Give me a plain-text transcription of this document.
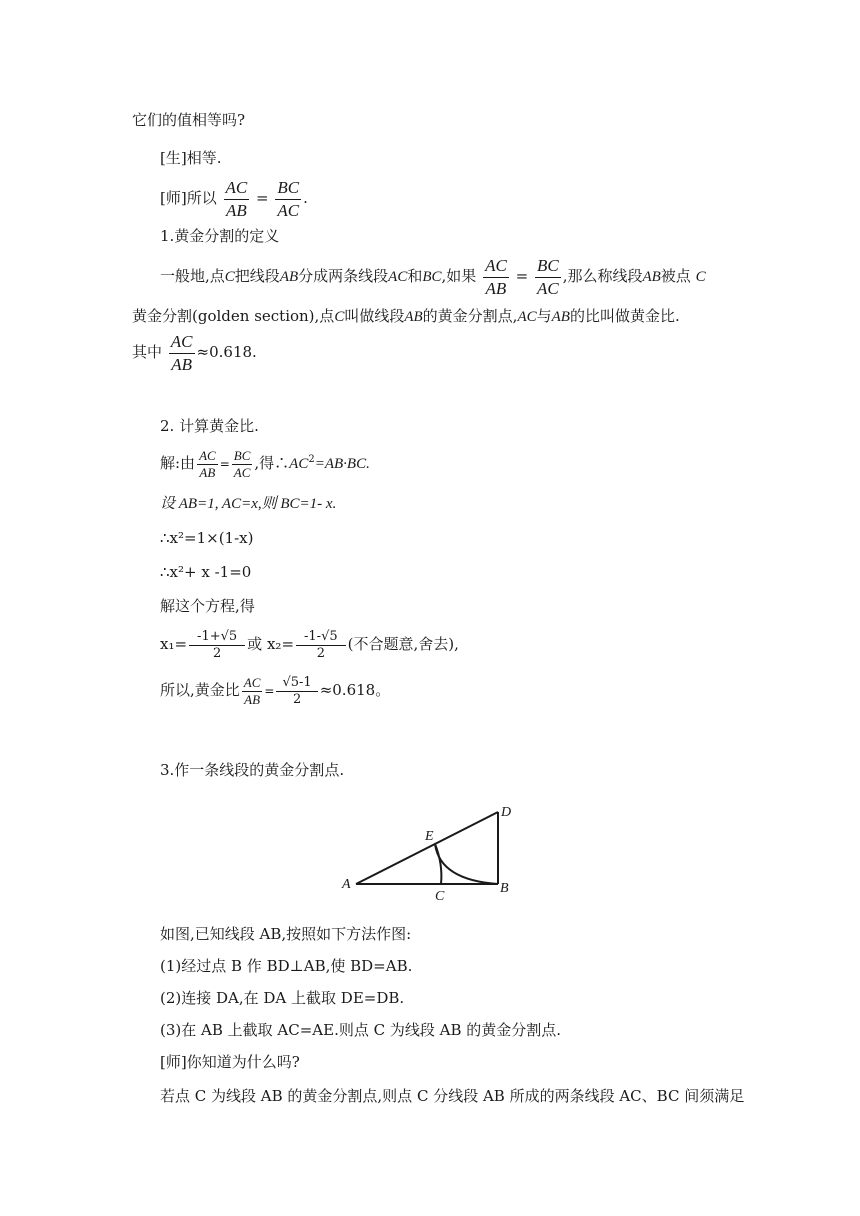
它们的值相等吗?
[生]相等.
[师]所以 $\frac{AC}{AB} = \frac{BC}{AC}$ .
1.黄金分割的定义
一般地,点C把线段AB分成两条线段AC和BC,如果 $\frac{AC}{AB} = \frac{BC}{AC}$ ,那么称线段AB被点 C
黄金分割(golden section),点C叫做线段AB的黄金分割点,AC与AB的比叫做黄金比.
其中 $\frac{AC}{AB} \approx 0.618$.
2. 计算黄金比.
解:由 $\frac{AC}{AB} = \frac{BC}{AC}$ ,得$\therefore AC^2=AB\cdot BC$.
设 AB=1, AC=x,则 BC=1- x.
∴x²=1×(1-x)
∴x²+ x -1=0
解这个方程,得
$x_1= \frac{-1+√5}{2}$ 或 $x_2= \frac{-1-√5}{2}$ (不合题意,舍去),
所以,黄金比 $\frac{AC}{AB} = \frac{√5-1}{2} \approx 0.618$。
3.作一条线段的黄金分割点.
A	B
C
D
E
如图,已知线段 AB,按照如下方法作图:
(1)经过点 B 作 BD⊥AB,使 BD=AB.
(2)连接 DA,在 DA 上截取 DE=DB.
(3)在 AB 上截取 AC=AE.则点 C 为线段 AB 的黄金分割点.
[师]你知道为什么吗?
若点 C 为线段 AB 的黄金分割点,则点 C 分线段 AB 所成的两条线段 AC、BC 间须满足
